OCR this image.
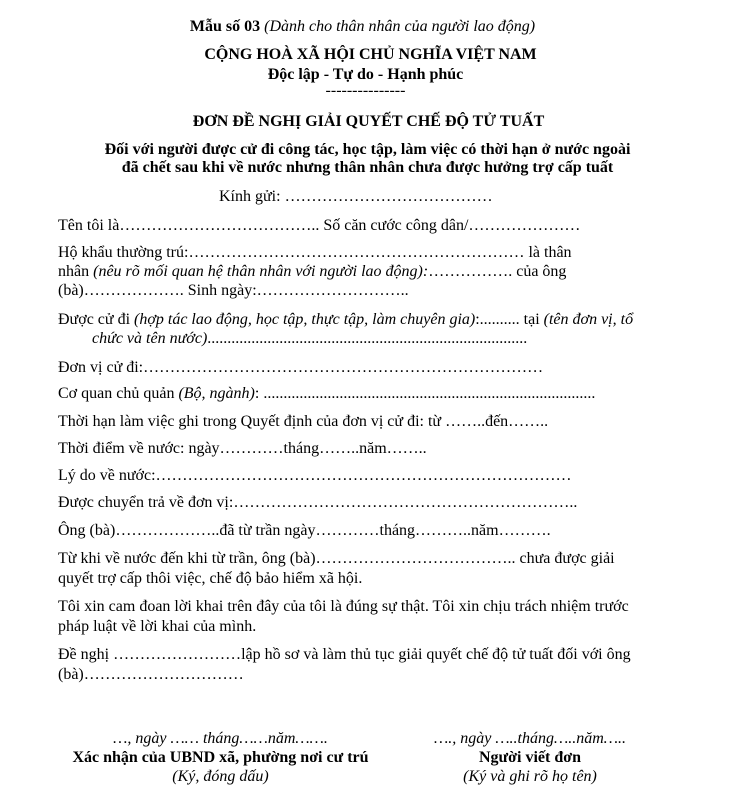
Mẫu số 03 (Dành cho thân nhân của người lao động)
CỘNG HOÀ XÃ HỘI CHỦ NGHĨA VIỆT NAM
Độc lập - Tự do - Hạnh phúc
---------------
ĐƠN ĐỀ NGHỊ GIẢI QUYẾT CHẾ ĐỘ TỬ TUẤT
Đối với người được cử đi công tác, học tập, làm việc có thời hạn ở nước ngoài
đã chết sau khi về nước nhưng thân nhân chưa được hưởng trợ cấp tuất
Kính gửi: …………………………………
Tên tôi là……………………………….. Số căn cước công dân/…………………
Hộ khẩu thường trú:……………………………………………………… là thân
nhân (nêu rõ mối quan hệ thân nhân với người lao động):……………. của ông
(bà)………………. Sinh ngày:………………………..
Được cử đi (hợp tác lao động, học tập, thực tập, làm chuyên gia):.......... tại (tên đơn vị, tổ
chức và tên nước)................................................................................
Đơn vị cử đi:…………………………………………………………………
Cơ quan chủ quản (Bộ, ngành): ...................................................................................
Thời hạn làm việc ghi trong Quyết định của đơn vị cử đi: từ ……..đến……..
Thời điểm về nước: ngày…………tháng……..năm……..
Lý do về nước:……………………………………………………………………
Được chuyển trả về đơn vị:………………………………………………………..
Ông (bà)………………..đã từ trần ngày…………tháng………..năm……….
Từ khi về nước đến khi từ trần, ông (bà)……………………………….. chưa được giải
quyết trợ cấp thôi việc, chế độ bảo hiểm xã hội.
Tôi xin cam đoan lời khai trên đây của tôi là đúng sự thật. Tôi xin chịu trách nhiệm trước
pháp luật về lời khai của mình.
Đề nghị ……………………lập hồ sơ và làm thủ tục giải quyết chế độ tử tuất đối với ông
(bà)…………………………
…, ngày …… tháng……năm…….
Xác nhận của UBND xã, phường nơi cư trú
(Ký, đóng dấu)
…., ngày …..tháng…..năm…..
Người viết đơn
(Ký và ghi rõ họ tên)
